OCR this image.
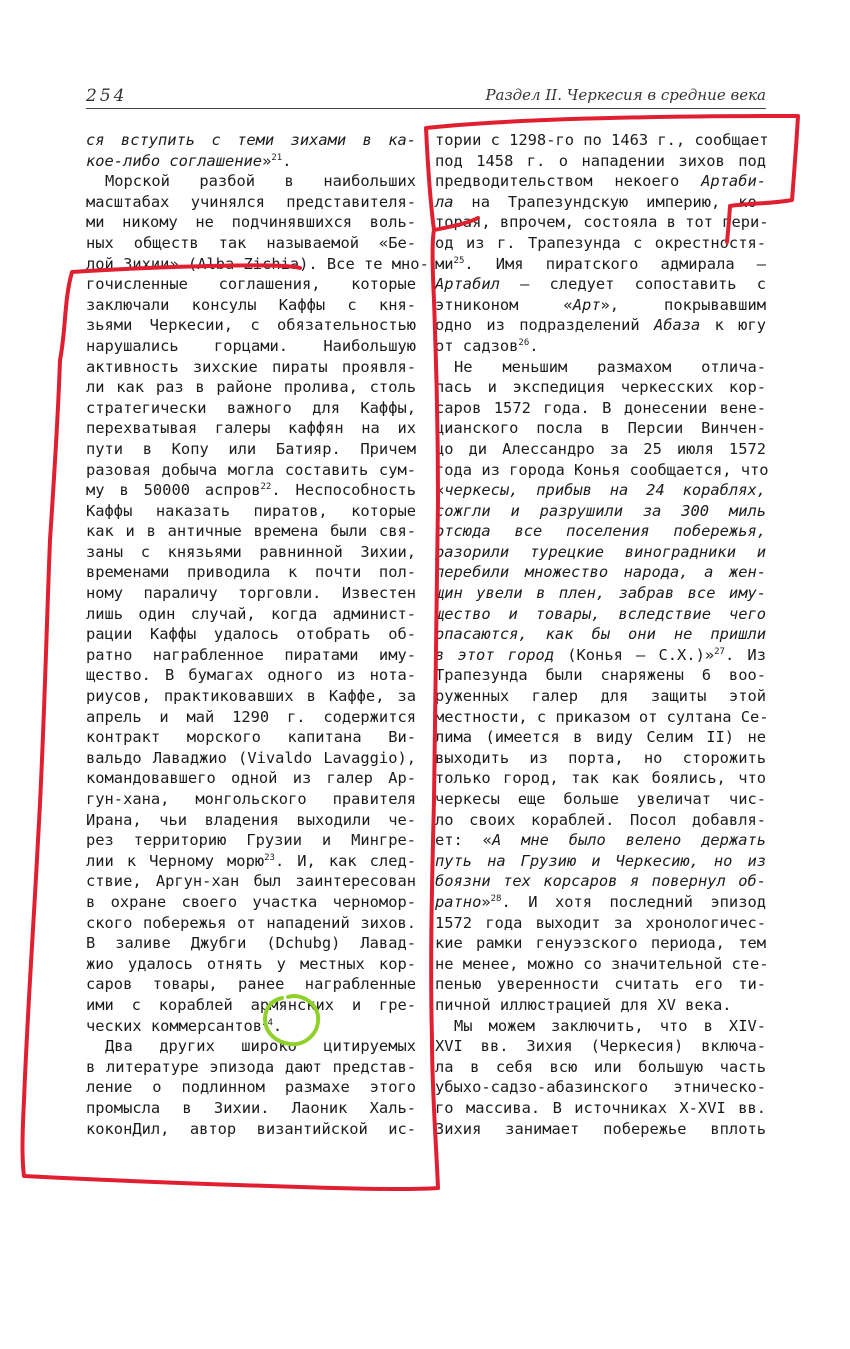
254	Раздел II. Черкесия в средние века
ся вступить с теми зихами в ка-
кое-либо соглашение»$^{21}$.
Морской разбой в наибольших
масштабах учинялся представителя-
ми никому не подчинявшихся воль-
ных обществ так называемой «Бе-
лой Зихии» (Alba Zichia). Все те мно-
гочисленные соглашения, которые
заключали консулы Каффы с кня-
зьями Черкесии, с обязательностью
нарушались горцами. Наибольшую
активность зихские пираты проявля-
ли как раз в районе пролива, столь
стратегически важного для Каффы,
перехватывая галеры каффян на их
пути в Копу или Батияр. Причем
разовая добыча могла составить сум-
му в 50000 аспров$^{22}$. Неспособность
Каффы наказать пиратов, которые
как и в античные времена были свя-
заны с князьями равнинной Зихии,
временами приводила к почти пол-
ному параличу торговли. Известен
лишь один случай, когда админист-
рации Каффы удалось отобрать об-
ратно награбленное пиратами иму-
щество. В бумагах одного из нота-
риусов, практиковавших в Каффе, за
апрель и май 1290 г. содержится
контракт морского капитана Ви-
вальдо Лаваджио (Vivaldo Lavaggio),
командовавшего одной из галер Ар-
гун-хана, монгольского правителя
Ирана, чьи владения выходили че-
рез территорию Грузии и Мингре-
лии к Черному морю$^{23}$. И, как след-
ствие, Аргун-хан был заинтересован
в охране своего участка черномор-
ского побережья от нападений зихов.
В заливе Джубги (Dchubg) Лавад-
жио удалось отнять у местных кор-
саров товары, ранее награбленные
ими с кораблей армянских и гре-
ческих коммерсантов$^{24}$.
Два других широко цитируемых
в литературе эпизода дают представ-
ление о подлинном размахе этого
промысла в Зихии. Лаоник Халь-
коконДил, автор византийской ис-
тории с 1298-го по 1463 г., сообщает
под 1458 г. о нападении зихов под
предводительством некоего Артаби-
ла на Трапезундскую империю, ко-
торая, впрочем, состояла в тот пери-
од из г. Трапезунда с окрестностя-
$ми^{25}$. Имя пиратского адмирала —
Артабил — следует сопоставить с
этниконом «Арт», покрывавшим
одно из подразделений Абаза к югу
от садзов$^{26}$.
Не меньшим размахом отлича-
лась и экспедиция черкесских кор-
саров 1572 года. В донесении вене-
цианского посла в Персии Винчен-
цо ди Алессандро за 25 июля 1572
года из города Конья сообщается, что
«черкесы, прибыв на 24 кораблях,
сожгли и разрушили за 300 миль
отсюда все поселения побережья,
разорили турецкие виноградники и
перебили множество народа, а жен-
щин увели в плен, забрав все иму-
щество и товары, вследствие чего
опасаются, как бы они не пришли
в этот город (Конья — С.Х.)»$^{27}$. Из
Трапезунда были снаряжены 6 воо-
руженных галер для защиты этой
местности, с приказом от султана Се-
лима (имеется в виду Селим II) не
выходить из порта, но сторожить
только город, так как боялись, что
черкесы еще больше увеличат чис-
ло своих кораблей. Посол добавля-
ет: «А мне было велено держать
путь на Грузию и Черкесию, но из
боязни тех корсаров я повернул об-
ратно»$^{28}$. И хотя последний эпизод
1572 года выходит за хронологичес-
кие рамки генуэзского периода, тем
не менее, можно со значительной сте-
пенью уверенности считать его ти-
пичной иллюстрацией для XV века.
Мы можем заключить, что в XIV-
XVI вв. Зихия (Черкесия) включа-
ла в себя всю или большую часть
убыхо-садзо-абазинского этническо-
го массива. В источниках X-XVI вв.
Зихия занимает побережье вплоть
